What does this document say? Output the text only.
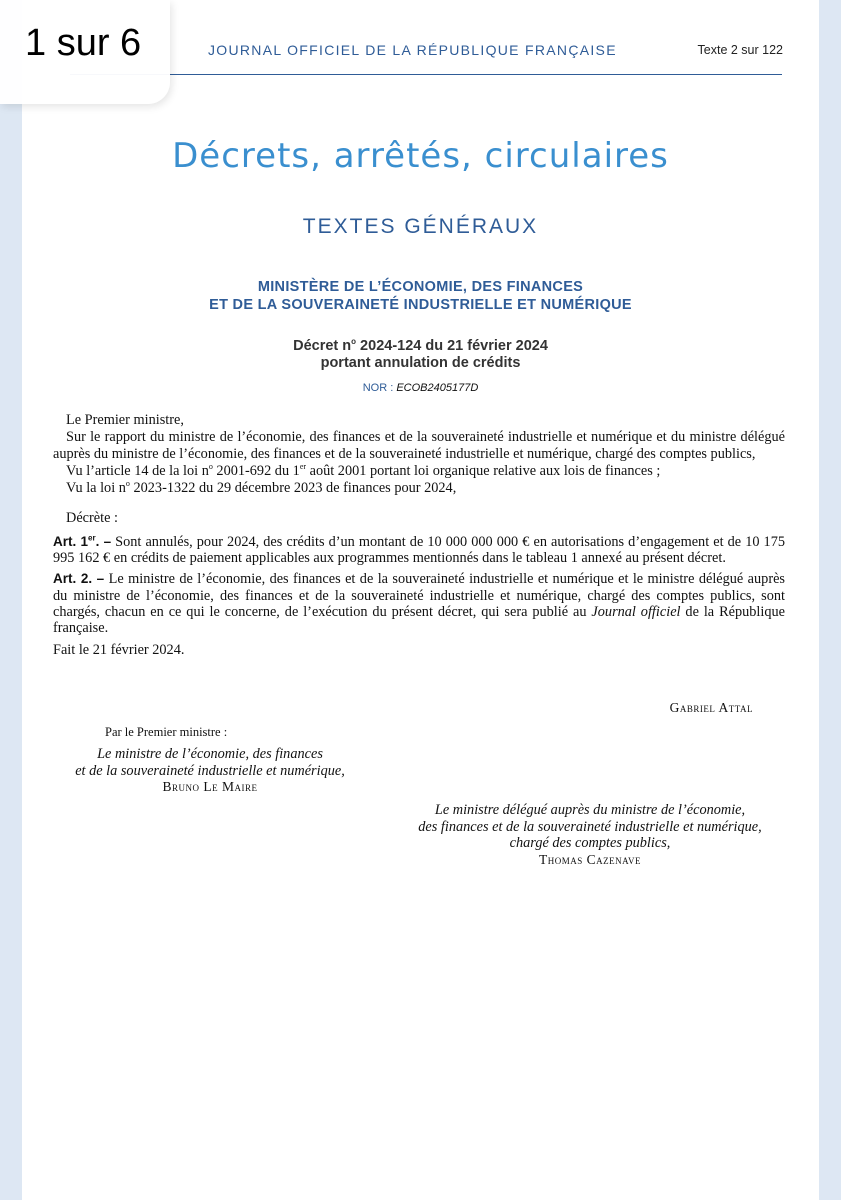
1 sur 6	JOURNAL OFFICIEL DE LA RÉPUBLIQUE FRANÇAISE	Texte 2 sur 122
Décrets, arrêtés, circulaires
TEXTES GÉNÉRAUX
MINISTÈRE DE L’ÉCONOMIE, DES FINANCES
ET DE LA SOUVERAINETÉ INDUSTRIELLE ET NUMÉRIQUE
Décret $n^o$ 2024-124 du 21 février 2024
portant annulation de crédits
NOR : ECOB2405177D

Le Premier ministre,

Sur le rapport du ministre de l’économie, des finances et de la souveraineté industrielle et numérique et du ministre délégué auprès du ministre de l’économie, des finances et de la souveraineté industrielle et numérique, chargé des comptes publics,

Vu l’article 14 de la loi $n^o$ 2001-692 du 1er août 2001 portant loi organique relative aux lois de finances ;

Vu la loi $n^o$ 2023-1322 du 29 décembre 2023 de finances pour 2024,

Décrète :

Art. 1er. – Sont annulés, pour 2024, des crédits d’un montant de 10 000 000 000 € en autorisations d’engagement et de 10 175 995 162 € en crédits de paiement applicables aux programmes mentionnés dans le tableau 1 annexé au présent décret.

Art. 2. – Le ministre de l’économie, des finances et de la souveraineté industrielle et numérique et le ministre délégué auprès du ministre de l’économie, des finances et de la souveraineté industrielle et numérique, chargé des comptes publics, sont chargés, chacun en ce qui le concerne, de l’exécution du présent décret, qui sera publié au Journal officiel de la République française.

Fait le 21 février 2024.

Gabriel Attal
Par le Premier ministre :
Le ministre de l’économie, des finances
et de la souveraineté industrielle et numérique,
Bruno Le Maire
Le ministre délégué auprès du ministre de l’économie,
des finances et de la souveraineté industrielle et numérique,
chargé des comptes publics,
Thomas Cazenave
